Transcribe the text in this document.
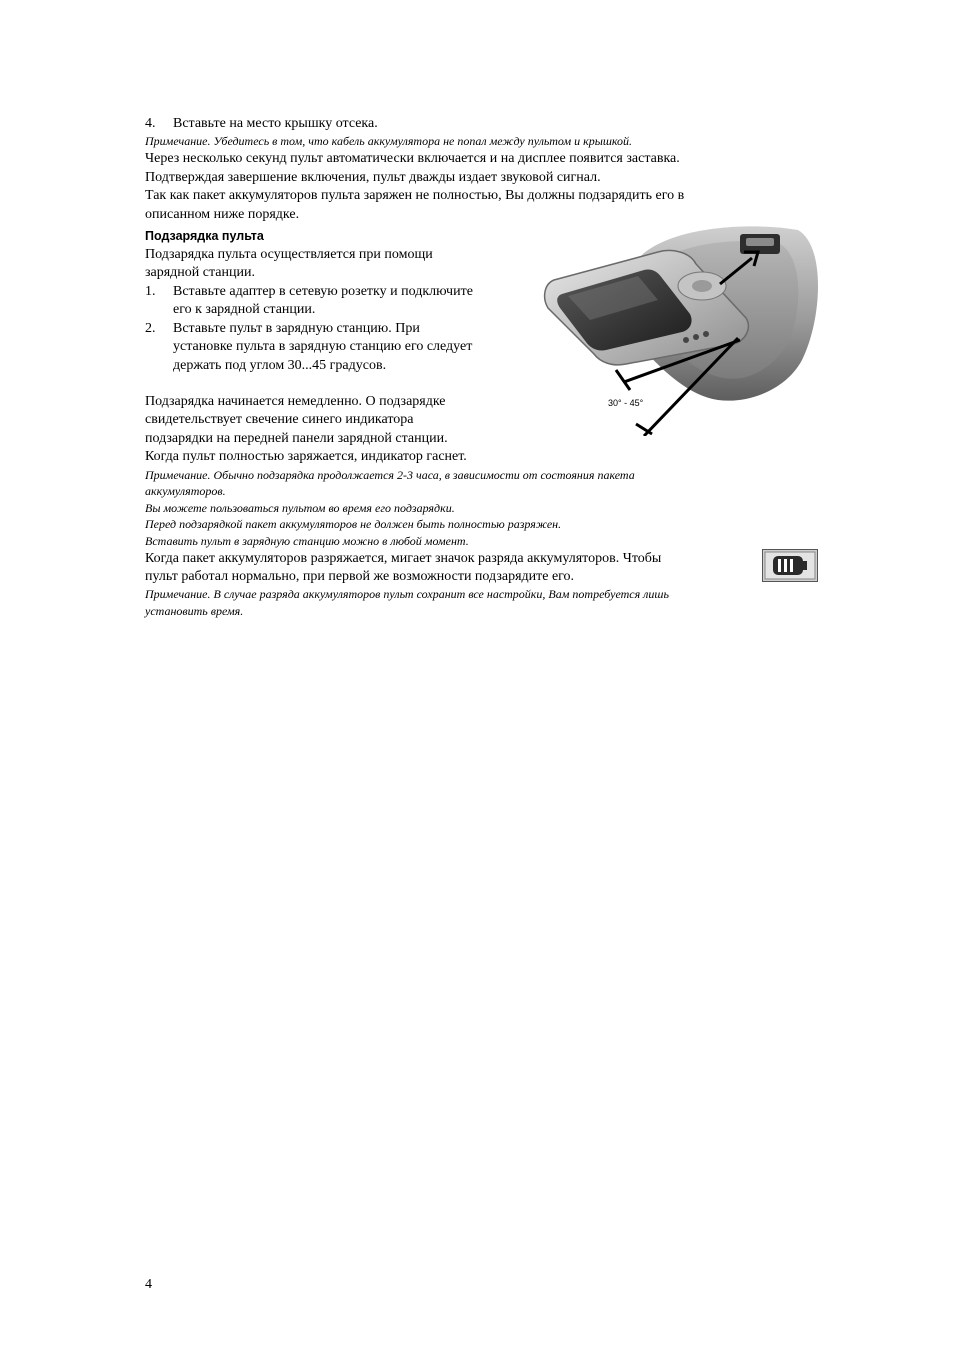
4. Вставьте на место крышку отсека.
Примечание. Убедитесь в том, что кабель аккумулятора не попал между пультом и крышкой.
Через несколько секунд пульт автоматически включается и на дисплее появится заставка.
Подтверждая завершение включения, пульт дважды издает звуковой сигнал.
Так как пакет аккумуляторов пульта заряжен не полностью, Вы должны подзарядить его в
описанном ниже порядке.
Подзарядка пульта
Подзарядка пульта осуществляется при помощи
зарядной станции.
1. Вставьте адаптер в сетевую розетку и подключите
его к зарядной станции.
2. Вставьте пульт в зарядную станцию. При
установке пульта в зарядную станцию его следует
держать под углом 30...45 градусов.
Подзарядка начинается немедленно. О подзарядке
свидетельствует свечение синего индикатора
подзарядки на передней панели зарядной станции.
Когда пульт полностью заряжается, индикатор гаснет.
Примечание. Обычно подзарядка продолжается 2-3 часа, в зависимости от состояния пакета
аккумуляторов.
Вы можете пользоваться пультом во время его подзарядки.
Перед подзарядкой пакет аккумуляторов не должен быть полностью разряжен.
Вставить пульт в зарядную станцию можно в любой момент.
Когда пакет аккумуляторов разряжается, мигает значок разряда аккумуляторов. Чтобы
пульт работал нормально, при первой же возможности подзарядите его.
Примечание. В случае разряда аккумуляторов пульт сохранит все настройки, Вам потребуется лишь
установить время.
30° - 45°
4
